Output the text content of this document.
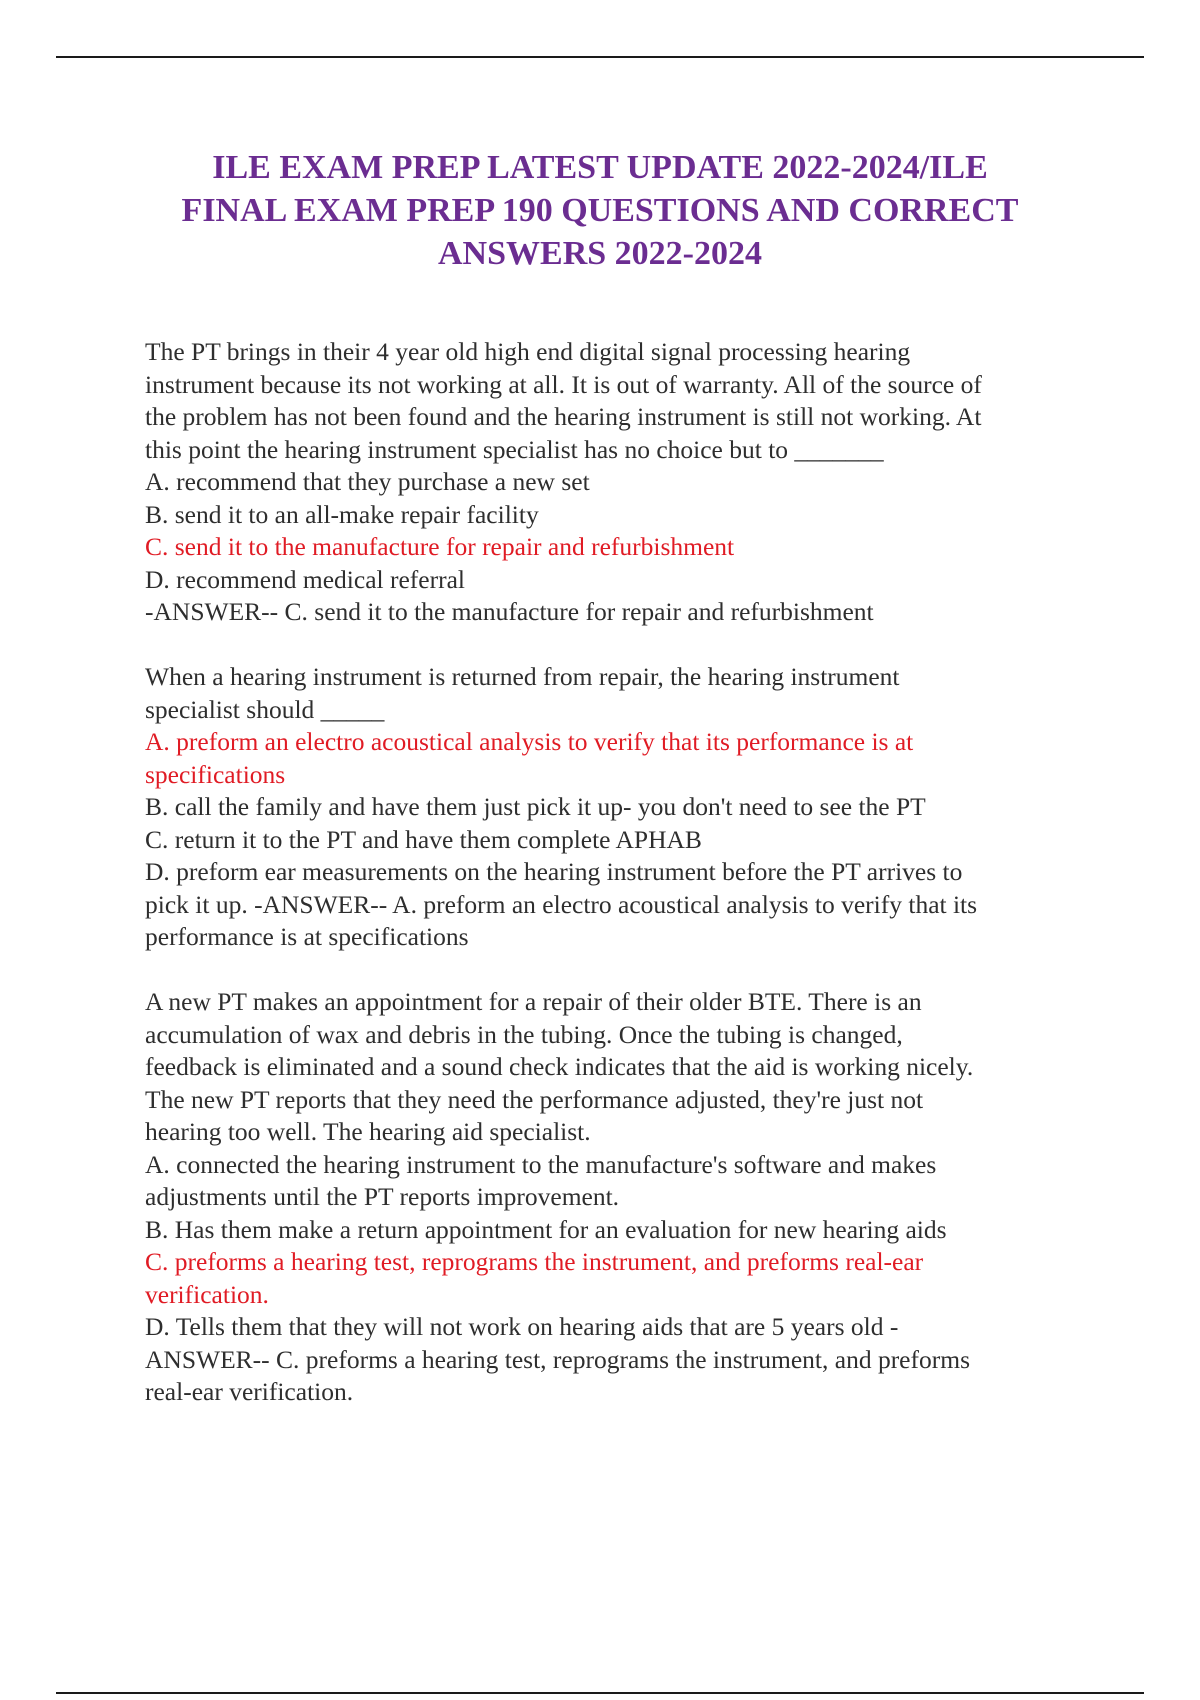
ILE EXAM PREP LATEST UPDATE 2022-2024/ILE
FINAL EXAM PREP 190 QUESTIONS AND CORRECT
ANSWERS 2022-2024
The PT brings in their 4 year old high end digital signal processing hearing
instrument because its not working at all. It is out of warranty. All of the source of
the problem has not been found and the hearing instrument is still not working. At
this point the hearing instrument specialist has no choice but to _______
A. recommend that they purchase a new set
B. send it to an all-make repair facility
C. send it to the manufacture for repair and refurbishment
D. recommend medical referral
-ANSWER-- C. send it to the manufacture for repair and refurbishment
When a hearing instrument is returned from repair, the hearing instrument
specialist should _____
A. preform an electro acoustical analysis to verify that its performance is at
specifications
B. call the family and have them just pick it up- you don't need to see the PT
C. return it to the PT and have them complete APHAB
D. preform ear measurements on the hearing instrument before the PT arrives to
pick it up. -ANSWER-- A. preform an electro acoustical analysis to verify that its
performance is at specifications
A new PT makes an appointment for a repair of their older BTE. There is an
accumulation of wax and debris in the tubing. Once the tubing is changed,
feedback is eliminated and a sound check indicates that the aid is working nicely.
The new PT reports that they need the performance adjusted, they're just not
hearing too well. The hearing aid specialist.
A. connected the hearing instrument to the manufacture's software and makes
adjustments until the PT reports improvement.
B. Has them make a return appointment for an evaluation for new hearing aids
C. preforms a hearing test, reprograms the instrument, and preforms real-ear
verification.
D. Tells them that they will not work on hearing aids that are 5 years old -
ANSWER-- C. preforms a hearing test, reprograms the instrument, and preforms
real-ear verification.
